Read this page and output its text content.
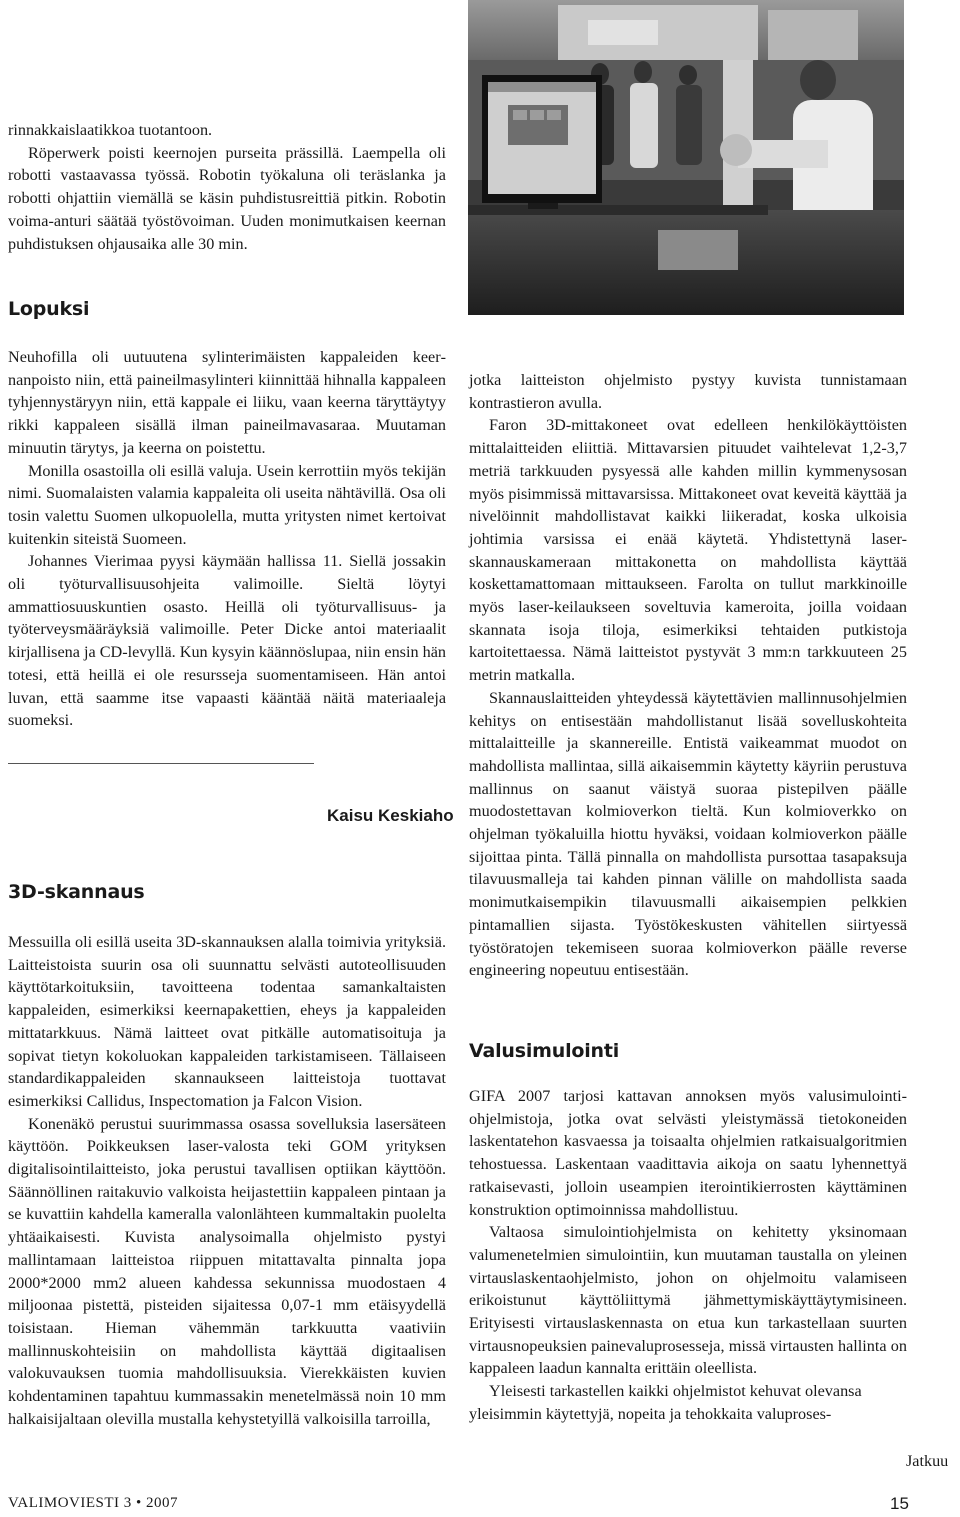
rinnakkaislaatikkoa tuotantoon.

Röperwerk poisti keernojen purseita prässillä. Laempella oli robotti vastaavassa työssä. Robotin työkaluna oli teräslanka ja robotti ohjattiin viemällä se käsin puhdistusreittiä pitkin. Robotin voima-anturi säätää työstövoiman. Uuden monimutkaisen keernan puhdistuksen ohjausaika alle 30 min.

Lopuksi

Neuhofilla oli uutuutena sylinterimäisten kappaleiden keernanpoisto niin, että paineilmasylinteri kiinnittää hihnalla kappaleen tyhjennystäryyn niin, että kappale ei liiku, vaan keerna täryttäytyy rikki kappaleen sisällä ilman paineilmavasaraa. Muutaman minuutin tärytys, ja keerna on poistettu.

Monilla osastoilla oli esillä valuja. Usein kerrottiin myös tekijän nimi. Suomalaisten valamia kappaleita oli useita nähtävillä. Osa oli tosin valettu Suomen ulkopuolella, mutta yritysten nimet kertoivat kuitenkin siteistä Suomeen.

Johannes Vierimaa pyysi käymään hallissa 11. Siellä jossakin oli työturvallisuusohjeita valimoille. Sieltä löytyi ammattiosuuskuntien osasto. Heillä oli työturvallisuus- ja työterveysmääräyksiä valimoille. Peter Dicke antoi materiaalit kirjallisena ja CD-levyllä. Kun kysyin käännöslupaa, niin ensin hän totesi, että heillä ei ole resursseja suomentamiseen. Hän antoi luvan, että saamme itse vapaasti kääntää näitä materiaaleja suomeksi.

Kaisu Keskiaho

3D-skannaus

Messuilla oli esillä useita 3D-skannauksen alalla toimivia yrityksiä. Laitteistoista suurin osa oli suunnattu selvästi autoteollisuuden käyttötarkoituksiin, tavoitteena todentaa samankaltaisten kappaleiden, esimerkiksi keernapakettien, eheys ja kappaleiden mittatarkkuus. Nämä laitteet ovat pitkälle automatisoituja ja sopivat tietyn kokoluokan kappaleiden tarkistamiseen. Tällaiseen standardikappaleiden skannaukseen laitteistoja tuottavat esimerkiksi Callidus, Inspectomation ja Falcon Vision.

Konenäkö perustui suurimmassa osassa sovelluksia lasersäteen käyttöön. Poikkeuksen laser-valosta teki GOM yrityksen digitalisointilaitteisto, joka perustui tavallisen optiikan käyttöön. Säännöllinen raitakuvio valkoista heijastettiin kappaleen pintaan ja se kuvattiin kahdella kameralla valonlähteen kummaltakin puolelta yhtäaikaisesti. Kuvista analysoimalla ohjelmisto pystyi mallintamaan laitteistoa riippuen mitattavalta pinnalta jopa 2000*2000 mm2 alueen kahdessa sekunnissa muodostaen 4 miljoonaa pistettä, pisteiden sijaitessa 0,07-1 mm etäisyydellä toisistaan. Hieman vähemmän tarkkuutta vaativiin mallinnuskohteisiin on mahdollista käyttää digitaalisen valokuvauksen tuomia mahdollisuuksia. Vierekkäisten kuvien kohdentaminen tapahtuu kummassakin menetelmässä noin 10 mm halkaisijaltaan olevilla mustalla kehystetyillä valkoisilla tarroilla,

jotka laitteiston ohjelmisto pystyy kuvista tunnistamaan kontrastieron avulla.

Faron 3D-mittakoneet ovat edelleen henkilökäyttöisten mittalaitteiden eliittiä. Mittavarsien pituudet vaihtelevat 1,2-3,7 metriä tarkkuuden pysyessä alle kahden millin kymmenysosan myös pisimmissä mittavarsissa. Mittakoneet ovat keveitä käyttää ja nivelöinnit mahdollistavat kaikki liikeradat, koska ulkoisia johtimia varsissa ei enää käytetä. Yhdistettynä laser-skannauskameraan mittakonetta on mahdollista käyttää koskettamattomaan mittaukseen. Farolta on tullut markkinoille myös laser-keilaukseen soveltuvia kameroita, joilla voidaan skannata isoja tiloja, esimerkiksi tehtaiden putkistoja kartoitettaessa. Nämä laitteistot pystyvät 3 mm:n tarkkuuteen 25 metrin matkalla.

Skannauslaitteiden yhteydessä käytettävien mallinnusohjelmien kehitys on entisestään mahdollistanut lisää sovelluskohteita mittalaitteille ja skannereille. Entistä vaikeammat muodot on mahdollista mallintaa, sillä aikaisemmin käytetty käyriin perustuva mallinnus on saanut väistyä suoraa pistepilven päälle muodostettavan kolmioverkon tieltä. Kun kolmioverkko on ohjelman työkaluilla hiottu hyväksi, voidaan kolmioverkon päälle sijoittaa pinta. Tällä pinnalla on mahdollista pursottaa tasapaksuja tilavuusmalleja tai kahden pinnan välille on mahdollista saada monimutkaisempikin tilavuusmalli aikaisempien pelkkien pintamallien sijasta. Työstökeskusten vähitellen siirtyessä työstöratojen tekemiseen suoraa kolmioverkon päälle reverse engineering nopeutuu entisestään.

Valusimulointi

GIFA 2007 tarjosi kattavan annoksen myös valusimulointiohjelmistoja, jotka ovat selvästi yleistymässä tietokoneiden laskentatehon kasvaessa ja toisaalta ohjelmien ratkaisualgoritmien tehostuessa. Laskentaan vaadittavia aikoja on saatu lyhennettyä ratkaisevasti, jolloin useampien iterointikierrosten käyttäminen konstruktion optimoinnissa mahdollistuu.

Valtaosa simulointiohjelmista on kehitetty yksinomaan valumenetelmien simulointiin, kun muutaman taustalla on yleinen virtauslaskentaohjelmisto, johon on ohjelmoitu valamiseen erikoistunut käyttöliittymä jähmettymiskäyttäytymisineen. Erityisesti virtauslaskennasta on etua kun tarkastellaan suurten virtausnopeuksien painevaluprosesseja, missä virtausten hallinta on kappaleen laadun kannalta erittäin oleellista.

Yleisesti tarkastellen kaikki ohjelmistot kehuvat olevansa yleisimmin käytettyjä, nopeita ja tehokkaita valuproses-

Jatkuu
VALIMOVIESTI 3 • 2007	15
